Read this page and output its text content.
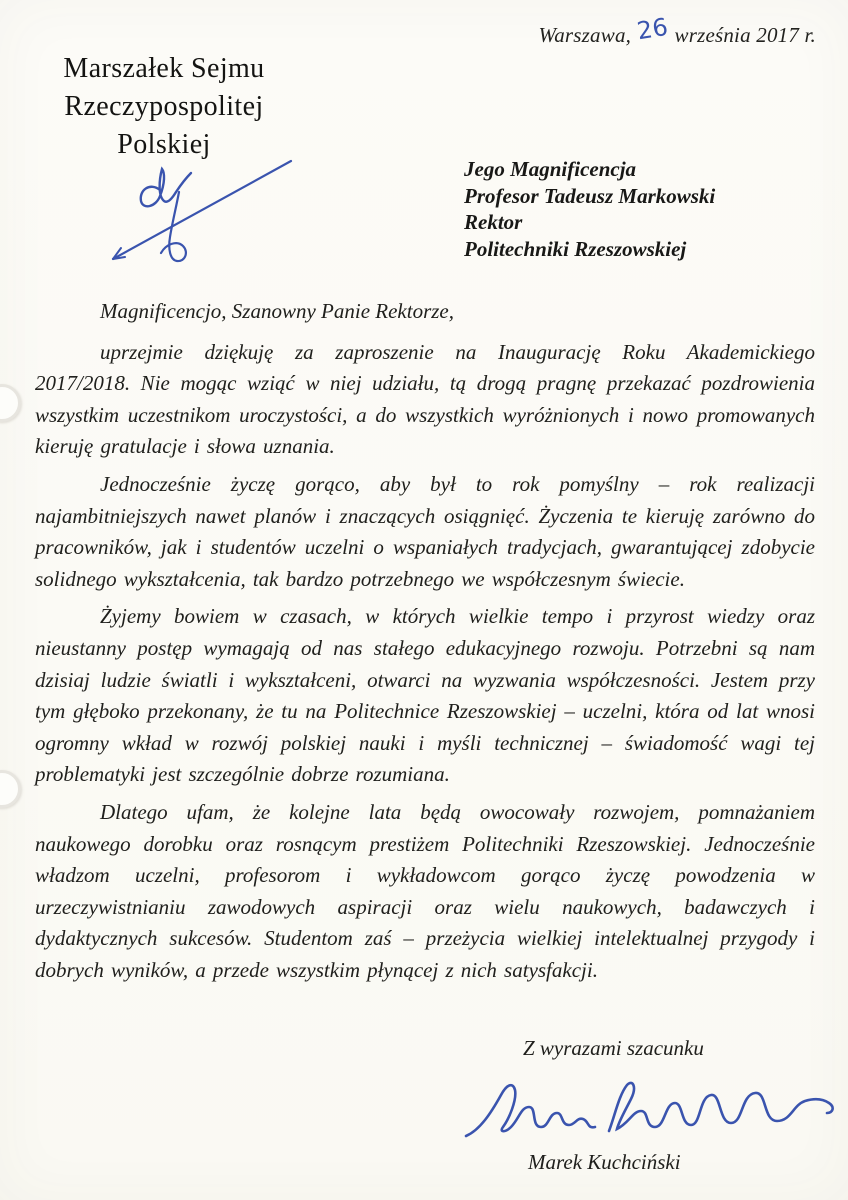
Warszawa, 26 września 2017 r.
Marszałek Sejmu
Rzeczypospolitej Polskiej
Jego Magnificencja
Profesor Tadeusz Markowski
Rektor
Politechniki Rzeszowskiej
Magnificencjo, Szanowny Panie Rektorze,

uprzejmie dziękuję za zaproszenie na Inaugurację Roku Akademickiego 2017/2018. Nie mogąc wziąć w niej udziału, tą drogą pragnę przekazać pozdrowienia wszystkim uczestnikom uroczystości, a do wszystkich wyróżnionych i nowo promowanych kieruję gratulacje i słowa uznania.

Jednocześnie życzę gorąco, aby był to rok pomyślny – rok realizacji najambitniejszych nawet planów i znaczących osiągnięć. Życzenia te kieruję zarówno do pracowników, jak i studentów uczelni o wspaniałych tradycjach, gwarantującej zdobycie solidnego wykształcenia, tak bardzo potrzebnego we współczesnym świecie.

Żyjemy bowiem w czasach, w których wielkie tempo i przyrost wiedzy oraz nieustanny postęp wymagają od nas stałego edukacyjnego rozwoju. Potrzebni są nam dzisiaj ludzie światli i wykształceni, otwarci na wyzwania współczesności. Jestem przy tym głęboko przekonany, że tu na Politechnice Rzeszowskiej – uczelni, która od lat wnosi ogromny wkład w rozwój polskiej nauki i myśli technicznej – świadomość wagi tej problematyki jest szczególnie dobrze rozumiana.

Dlatego ufam, że kolejne lata będą owocowały rozwojem, pomnażaniem naukowego dorobku oraz rosnącym prestiżem Politechniki Rzeszowskiej. Jednocześnie władzom uczelni, profesorom i wykładowcom gorąco życzę powodzenia w urzeczywistnianiu zawodowych aspiracji oraz wielu naukowych, badawczych i dydaktycznych sukcesów. Studentom zaś – przeżycia wielkiej intelektualnej przygody i dobrych wyników, a przede wszystkim płynącej z nich satysfakcji.

Z wyrazami szacunku
Marek Kuchciński
